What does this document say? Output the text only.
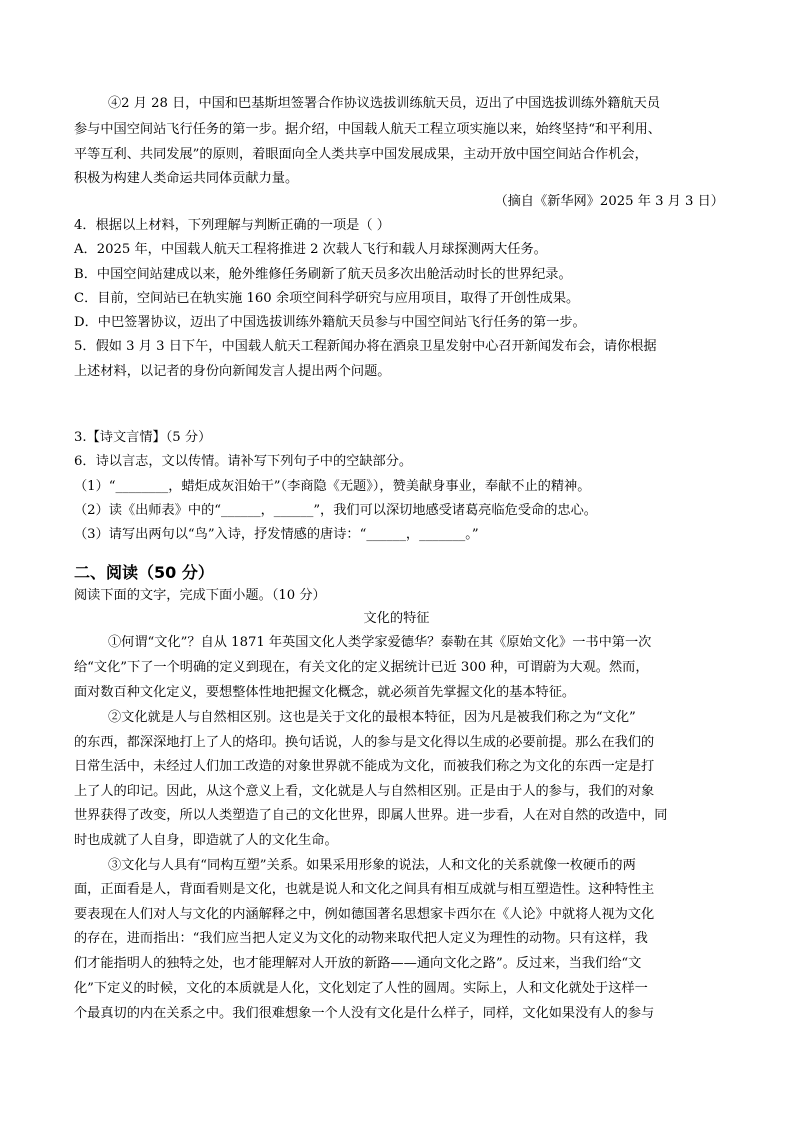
④2 月 28 日，中国和巴基斯坦签署合作协议选拔训练航天员，迈出了中国选拔训练外籍航天员
参与中国空间站飞行任务的第一步。据介绍，中国载人航天工程立项实施以来，始终坚持“和平利用、
平等互利、共同发展”的原则，着眼面向全人类共享中国发展成果，主动开放中国空间站合作机会，
积极为构建人类命运共同体贡献力量。
（摘自《新华网》2025 年 3 月 3 日）
4．根据以上材料，下列理解与判断正确的一项是（ ）
A．2025 年，中国载人航天工程将推进 2 次载人飞行和载人月球探测两大任务。
B．中国空间站建成以来，舱外维修任务刷新了航天员多次出舱活动时长的世界纪录。
C．目前，空间站已在轨实施 160 余项空间科学研究与应用项目，取得了开创性成果。
D．中巴签署协议，迈出了中国选拔训练外籍航天员参与中国空间站飞行任务的第一步。
5．假如 3 月 3 日下午，中国载人航天工程新闻办将在酒泉卫星发射中心召开新闻发布会，请你根据
上述材料，以记者的身份向新闻发言人提出两个问题。
3.【诗文言情】（5 分）
6．诗以言志，文以传情。请补写下列句子中的空缺部分。
（1）“________，蜡炬成灰泪始干”（李商隐《无题》），赞美献身事业，奉献不止的精神。
（2）读《出师表》中的“______，______”，我们可以深切地感受诸葛亮临危受命的忠心。
（3）请写出两句以“鸟”入诗，抒发情感的唐诗：“______，_______。”
二、阅读（50 分）
阅读下面的文字，完成下面小题。（10 分）
文化的特征
①何谓“文化”？自从 1871 年英国文化人类学家爱德华？泰勒在其《原始文化》一书中第一次
给“文化”下了一个明确的定义到现在，有关文化的定义据统计已近 300 种，可谓蔚为大观。然而，
面对数百种文化定义，要想整体性地把握文化概念，就必须首先掌握文化的基本特征。
②文化就是人与自然相区别。这也是关于文化的最根本特征，因为凡是被我们称之为“文化”
的东西，都深深地打上了人的烙印。换句话说，人的参与是文化得以生成的必要前提。那么在我们的
日常生活中，未经过人们加工改造的对象世界就不能成为文化，而被我们称之为文化的东西一定是打
上了人的印记。因此，从这个意义上看，文化就是人与自然相区别。正是由于人的参与，我们的对象
世界获得了改变，所以人类塑造了自己的文化世界，即属人世界。进一步看，人在对自然的改造中，同
时也成就了人自身，即造就了人的文化生命。
③文化与人具有“同构互塑”关系。如果采用形象的说法，人和文化的关系就像一枚硬币的两
面，正面看是人，背面看则是文化，也就是说人和文化之间具有相互成就与相互塑造性。这种特性主
要表现在人们对人与文化的内涵解释之中，例如德国著名思想家卡西尔在《人论》中就将人视为文化
的存在，进而指出：“我们应当把人定义为文化的动物来取代把人定义为理性的动物。只有这样，我
们才能指明人的独特之处，也才能理解对人开放的新路——通向文化之路”。反过来，当我们给“文
化”下定义的时候，文化的本质就是人化，文化划定了人性的圆周。实际上，人和文化就处于这样一
个最真切的内在关系之中。我们很难想象一个人没有文化是什么样子，同样，文化如果没有人的参与
